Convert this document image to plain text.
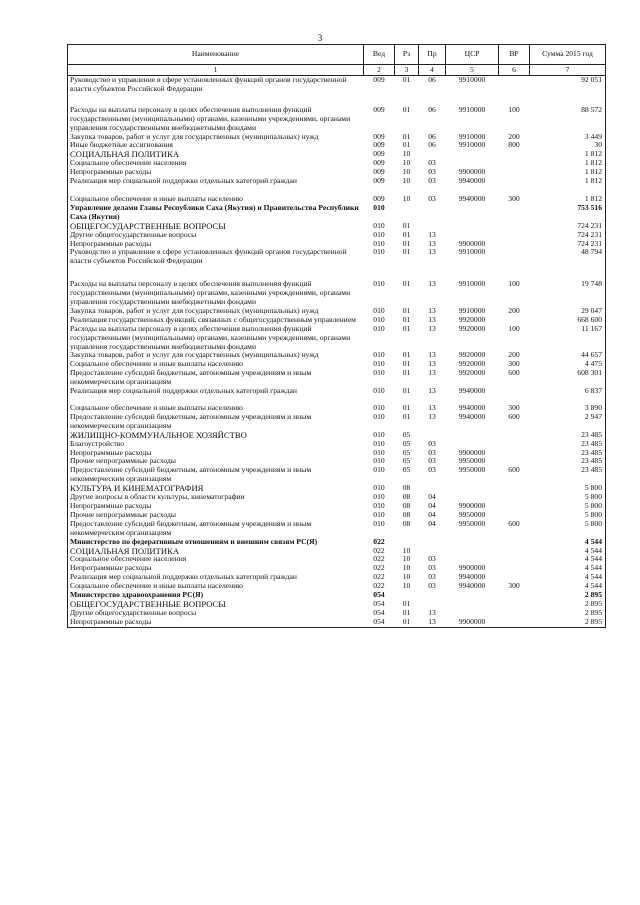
3
Наименование	Вед	Рз	Пр	ЦСР	ВР	Сумма 2015 год
1	2	3	4	5	6	7
Руководство и управление в сфере установленных функций органов государственной власти субъектов Российской Федерации	009	01	06	9910000		92 051
Расходы на выплаты персоналу в целях обеспечения выполнения функций государственными (муниципальными) органами, казенными учреждениями, органами управления государственными внебюджетными фондами	009	01	06	9910000	100	88 572
Закупка товаров, работ и услуг для государственных (муниципальных) нужд	009	01	06	9910000	200	3 449
Иные бюджетные ассигнования	009	01	06	9910000	800	30
СОЦИАЛЬНАЯ ПОЛИТИКА	009	10				1 812
Социальное обеспечение населения	009	10	03			1 812
Непрограммные расходы	009	10	03	9900000		1 812
Реализация мер социальной поддержки отдельных категорий граждан	009	10	03	9940000		1 812
Социальное обеспечение и иные выплаты населению	009	10	03	9940000	300	1 812
Управление делами Главы Республики Саха (Якутия) и Правительства Республики Саха (Якутия)	010					753 516
ОБЩЕГОСУДАРСТВЕННЫЕ ВОПРОСЫ	010	01				724 231
Другие общегосударственные вопросы	010	01	13			724 231
Непрограммные расходы	010	01	13	9900000		724 231
Руководство и управление в сфере установленных функций органов государственной власти субъектов Российской Федерации	010	01	13	9910000		48 794
Расходы на выплаты персоналу в целях обеспечения выполнения функций государственными (муниципальными) органами, казенными учреждениями, органами управления государственными внебюджетными фондами	010	01	13	9910000	100	19 748
Закупка товаров, работ и услуг для государственных (муниципальных) нужд	010	01	13	9910000	200	29 047
Реализация государственных функций, связанных с общегосударственным управлением	010	01	13	9920000		668 600
Расходы на выплаты персоналу в целях обеспечения выполнения функций государственными (муниципальными) органами, казенными учреждениями, органами управления государственными внебюджетными фондами	010	01	13	9920000	100	11 167
Закупка товаров, работ и услуг для государственных (муниципальных) нужд	010	01	13	9920000	200	44 657
Социальное обеспечение и иные выплаты населению	010	01	13	9920000	300	4 475
Предоставление субсидий бюджетным, автономным учреждениям и иным некоммерческим организациям	010	01	13	9920000	600	608 301
Реализация мер социальной поддержки отдельных категорий граждан	010	01	13	9940000		6 837
Социальное обеспечение и иные выплаты населению	010	01	13	9940000	300	3 890
Предоставление субсидий бюджетным, автономным учреждениям и иным некоммерческим организациям	010	01	13	9940000	600	2 947
ЖИЛИЩНО-КОММУНАЛЬНОЕ ХОЗЯЙСТВО	010	05				23 485
Благоустройство	010	05	03			23 485
Непрограммные расходы	010	05	03	9900000		23 485
Прочие непрограммные расходы	010	05	03	9950000		23 485
Предоставление субсидий бюджетным, автономным учреждениям и иным некоммерческим организациям	010	05	03	9950000	600	23 485
КУЛЬТУРА И КИНЕМАТОГРАФИЯ	010	08				5 800
Другие вопросы в области культуры, кинематографии	010	08	04			5 800
Непрограммные расходы	010	08	04	9900000		5 800
Прочие непрограммные расходы	010	08	04	9950000		5 800
Предоставление субсидий бюджетным, автономным учреждениям и иным некоммерческим организациям	010	08	04	9950000	600	5 800
Министерство по федеративным отношениям и внешним связям РС(Я)	022					4 544
СОЦИАЛЬНАЯ ПОЛИТИКА	022	10				4 544
Социальное обеспечение населения	022	10	03			4 544
Непрограммные расходы	022	10	03	9900000		4 544
Реализация мер социальной поддержки отдельных категорий граждан	022	10	03	9940000		4 544
Социальное обеспечение и иные выплаты населению	022	10	03	9940000	300	4 544
Министерство здравоохранения РС(Я)	054					2 895
ОБЩЕГОСУДАРСТВЕННЫЕ ВОПРОСЫ	054	01				2 895
Другие общегосударственные вопросы	054	01	13			2 895
Непрограммные расходы	054	01	13	9900000		2 895
